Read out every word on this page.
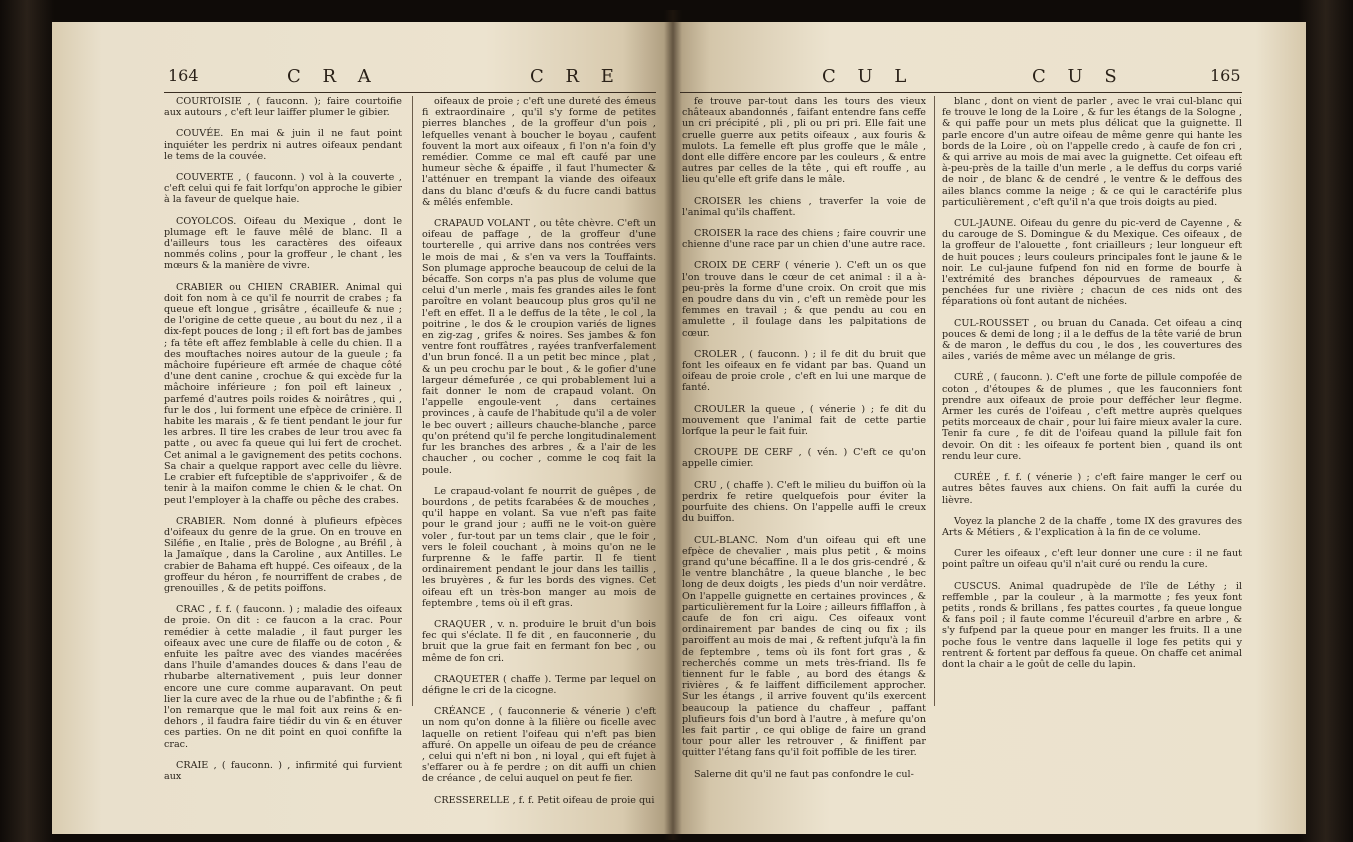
164	C R A	C R E

COURTOISIE , ( fauconn. ); faire courtoifie aux autours , c'eft leur laiffer plumer le gibier.

COUVÉE. En mai & juin il ne faut point inquiéter les perdrix ni autres oifeaux pendant le tems de la couvée.

COUVERTE , ( fauconn. ) vol à la couverte , c'eft celui qui fe fait lorfqu'on approche le gibier à la faveur de quelque haie.

COYOLCOS. Oifeau du Mexique , dont le plumage eft le fauve mêlé de blanc. Il a d'ailleurs tous les caractères des oifeaux nommés colins , pour la groffeur , le chant , les mœurs & la manière de vivre.

CRABIER ou CHIEN CRABIER. Animal qui doit fon nom à ce qu'il fe nourrit de crabes ; fa queue eft longue , grisâtre , écailleufe & nue ; de l'origine de cette queue , au bout du nez , il a dix-fept pouces de long ; il eft fort bas de jambes ; fa tête eft affez femblable à celle du chien. Il a des mouftaches noires autour de la gueule ; fa mâchoire fupérieure eft armée de chaque côté d'une dent canine , crochue & qui excède fur la mâchoire inférieure ; fon poil eft laineux , parfemé d'autres poils roides & noirâtres , qui , fur le dos , lui forment une efpèce de crinière. Il habite les marais , & fe tient pendant le jour fur les arbres. Il tire les crabes de leur trou avec fa patte , ou avec fa queue qui lui fert de crochet. Cet animal a le gavignement des petits cochons. Sa chair a quelque rapport avec celle du lièvre. Le crabier eft fufceptible de s'apprivoifer , & de tenir à la maifon comme le chien & le chat. On peut l'employer à la chaffe ou pêche des crabes.

CRABIER. Nom donné à plufieurs efpèces d'oifeaux du genre de la grue. On en trouve en Siléfie , en Italie , près de Bologne , au Bréfil , à la Jamaïque , dans la Caroline , aux Antilles. Le crabier de Bahama eft huppé. Ces oifeaux , de la groffeur du héron , fe nourriffent de crabes , de grenouilles , & de petits poiffons.

CRAC , f. f. ( fauconn. ) ; maladie des oifeaux de proie. On dit : ce faucon a la crac. Pour remédier à cette maladie , il faut purger les oifeaux avec une cure de filaffe ou de coton , & enfuite les paître avec des viandes macérées dans l'huile d'amandes douces & dans l'eau de rhubarbe alternativement , puis leur donner encore une cure comme auparavant. On peut lier la cure avec de la rhue ou de l'abfinthe ; & fi l'on remarque que le mal foit aux reins & en-dehors , il faudra faire tiédir du vin & en étuver ces parties. On ne dit point en quoi confifte la crac.

CRAIE , ( fauconn. ) , infirmité qui furvient aux

oifeaux de proie ; c'eft une dureté des émeus fi extraordinaire , qu'il s'y forme de petites pierres blanches , de la groffeur d'un pois , lefquelles venant à boucher le boyau , caufent fouvent la mort aux oifeaux , fi l'on n'a foin d'y remédier. Comme ce mal eft caufé par une humeur sèche & épaiffe , il faut l'humecter & l'atténuer en trempant la viande des oifeaux dans du blanc d'œufs & du fucre candi battus & mêlés enfemble.

CRAPAUD VOLANT , ou tête chèvre. C'eft un oifeau de paffage , de la groffeur d'une tourterelle , qui arrive dans nos contrées vers le mois de mai , & s'en va vers la Touffaints. Son plumage approche beaucoup de celui de la bécaffe. Son corps n'a pas plus de volume que celui d'un merle , mais fes grandes ailes le font paroître en volant beaucoup plus gros qu'il ne l'eft en effet. Il a le deffus de la tête , le col , la poitrine , le dos & le croupion variés de lignes en zig-zag , grifes & noires. Ses jambes & fon ventre font rouffâtres , rayées tranfverfalement d'un brun foncé. Il a un petit bec mince , plat , & un peu crochu par le bout , & le gofier d'une largeur démefurée , ce qui probablement lui a fait donner le nom de crapaud volant. On l'appelle engoule-vent , dans certaines provinces , à caufe de l'habitude qu'il a de voler le bec ouvert ; ailleurs chauche-blanche , parce qu'on prétend qu'il fe perche longitudinalement fur les branches des arbres , & a l'air de les chaucher , ou cocher , comme le coq fait la poule.

Le crapaud-volant fe nourrit de guêpes , de bourdons , de petits fcarabées & de mouches , qu'il happe en volant. Sa vue n'eft pas faite pour le grand jour ; auffi ne le voit-on guère voler , fur-tout par un tems clair , que le foir , vers le foleil couchant , à moins qu'on ne le furprenne & le faffe partir. Il fe tient ordinairement pendant le jour dans les taillis , les bruyères , & fur les bords des vignes. Cet oifeau eft un très-bon manger au mois de feptembre , tems où il eft gras.

CRAQUER , v. n. produire le bruit d'un bois fec qui s'éclate. Il fe dit , en fauconnerie , du bruit que la grue fait en fermant fon bec , ou même de fon cri.

CRAQUETER ( chaffe ). Terme par lequel on défigne le cri de la cicogne.

CRÉANCE , ( fauconnerie & vénerie ) c'eft un nom qu'on donne à la filière ou ficelle avec laquelle on retient l'oifeau qui n'eft pas bien affuré. On appelle un oifeau de peu de créance , celui qui n'eft ni bon , ni loyal , qui eft fujet à s'effarer ou à fe perdre ; on dit auffi un chien de créance , de celui auquel on peut fe fier.

CRESSERELLE , f. f. Petit oifeau de proie qui

C U L	C U S	165

fe trouve par-tout dans les tours des vieux châteaux abandonnés , faifant entendre fans ceffe un cri précipité , pli , pli ou pri pri. Elle fait une cruelle guerre aux petits oifeaux , aux fouris & mulots. La femelle eft plus groffe que le mâle , dont elle diffère encore par les couleurs , & entre autres par celles de la tête , qui eft rouffe , au lieu qu'elle eft grife dans le mâle.

CROISER les chiens , traverfer la voie de l'animal qu'ils chaffent.

CROISER la race des chiens ; faire couvrir une chienne d'une race par un chien d'une autre race.

CROIX DE CERF ( vénerie ). C'eft un os que l'on trouve dans le cœur de cet animal : il a à-peu-près la forme d'une croix. On croit que mis en poudre dans du vin , c'eft un remède pour les femmes en travail ; & que pendu au cou en amulette , il foulage dans les palpitations de cœur.

CROLER , ( fauconn. ) ; il fe dit du bruit que font les oifeaux en fe vidant par bas. Quand un oifeau de proie crole , c'eft en lui une marque de fanté.

CROULER la queue , ( vénerie ) ; fe dit du mouvement que l'animal fait de cette partie lorfque la peur le fait fuir.

CROUPE DE CERF , ( vén. ) C'eft ce qu'on appelle cimier.

CRU , ( chaffe ). C'eft le milieu du buiffon où la perdrix fe retire quelquefois pour éviter la pourfuite des chiens. On l'appelle auffi le creux du buiffon.

CUL-BLANC. Nom d'un oifeau qui eft une efpèce de chevalier , mais plus petit , & moins grand qu'une bécaffine. Il a le dos gris-cendré , & le ventre blanchâtre , la queue blanche , le bec long de deux doigts , les pieds d'un noir verdâtre. On l'appelle guignette en certaines provinces , & particulièrement fur la Loire ; ailleurs fifflaffon , à caufe de fon cri aigu. Ces oifeaux vont ordinairement par bandes de cinq ou fix ; ils paroiffent au mois de mai , & reftent jufqu'à la fin de feptembre , tems où ils font fort gras , & recherchés comme un mets très-friand. Ils fe tiennent fur le fable , au bord des étangs & rivières , & fe laiffent difficilement approcher. Sur les étangs , il arrive fouvent qu'ils exercent beaucoup la patience du chaffeur , paffant plufieurs fois d'un bord à l'autre , à mefure qu'on les fait partir , ce qui oblige de faire un grand tour pour aller les retrouver , & finiffent par quitter l'étang fans qu'il foit poffible de les tirer.

Salerne dit qu'il ne faut pas confondre le cul-

blanc , dont on vient de parler , avec le vrai cul-blanc qui fe trouve le long de la Loire , & fur les étangs de la Sologne , & qui paffe pour un mets plus délicat que la guignette. Il parle encore d'un autre oifeau de même genre qui hante les bords de la Loire , où on l'appelle credo , à caufe de fon cri , & qui arrive au mois de mai avec la guignette. Cet oifeau eft à-peu-près de la taille d'un merle , a le deffus du corps varié de noir , de blanc & de cendré , le ventre & le deffous des ailes blancs comme la neige ; & ce qui le caractérife plus particulièrement , c'eft qu'il n'a que trois doigts au pied.

CUL-JAUNE. Oifeau du genre du pic-verd de Cayenne , & du carouge de S. Domingue & du Mexique. Ces oifeaux , de la groffeur de l'alouette , font criailleurs ; leur longueur eft de huit pouces ; leurs couleurs principales font le jaune & le noir. Le cul-jaune fufpend fon nid en forme de bourfe à l'extrémité des branches dépourvues de rameaux , & penchées fur une rivière ; chacun de ces nids ont des féparations où font autant de nichées.

CUL-ROUSSET , ou bruan du Canada. Cet oifeau a cinq pouces & demi de long ; il a le deffus de la tête varié de brun & de maron , le deffus du cou , le dos , les couvertures des ailes , variés de même avec un mélange de gris.

CURÉ , ( fauconn. ). C'eft une forte de pillule compofée de coton , d'étoupes & de plumes , que les fauconniers font prendre aux oifeaux de proie pour deffécher leur flegme. Armer les curés de l'oifeau , c'eft mettre auprès quelques petits morceaux de chair , pour lui faire mieux avaler la cure. Tenir fa cure , fe dit de l'oifeau quand la pillule fait fon devoir. On dit : les oifeaux fe portent bien , quand ils ont rendu leur cure.

CURÉE , f. f. ( vénerie ) ; c'eft faire manger le cerf ou autres bêtes fauves aux chiens. On fait auffi la curée du lièvre.

Voyez la planche 2 de la chaffe , tome IX des gravures des Arts & Métiers , & l'explication à la fin de ce volume.

Curer les oifeaux , c'eft leur donner une cure : il ne faut point paître un oifeau qu'il n'ait curé ou rendu la cure.

CUSCUS. Animal quadrupède de l'île de Léthy ; il reffemble , par la couleur , à la marmotte ; fes yeux font petits , ronds & brillans , fes pattes courtes , fa queue longue & fans poil ; il faute comme l'écureuil d'arbre en arbre , & s'y fufpend par la queue pour en manger les fruits. Il a une poche fous le ventre dans laquelle il loge fes petits qui y rentrent & fortent par deffous fa queue. On chaffe cet animal dont la chair a le goût de celle du lapin.
